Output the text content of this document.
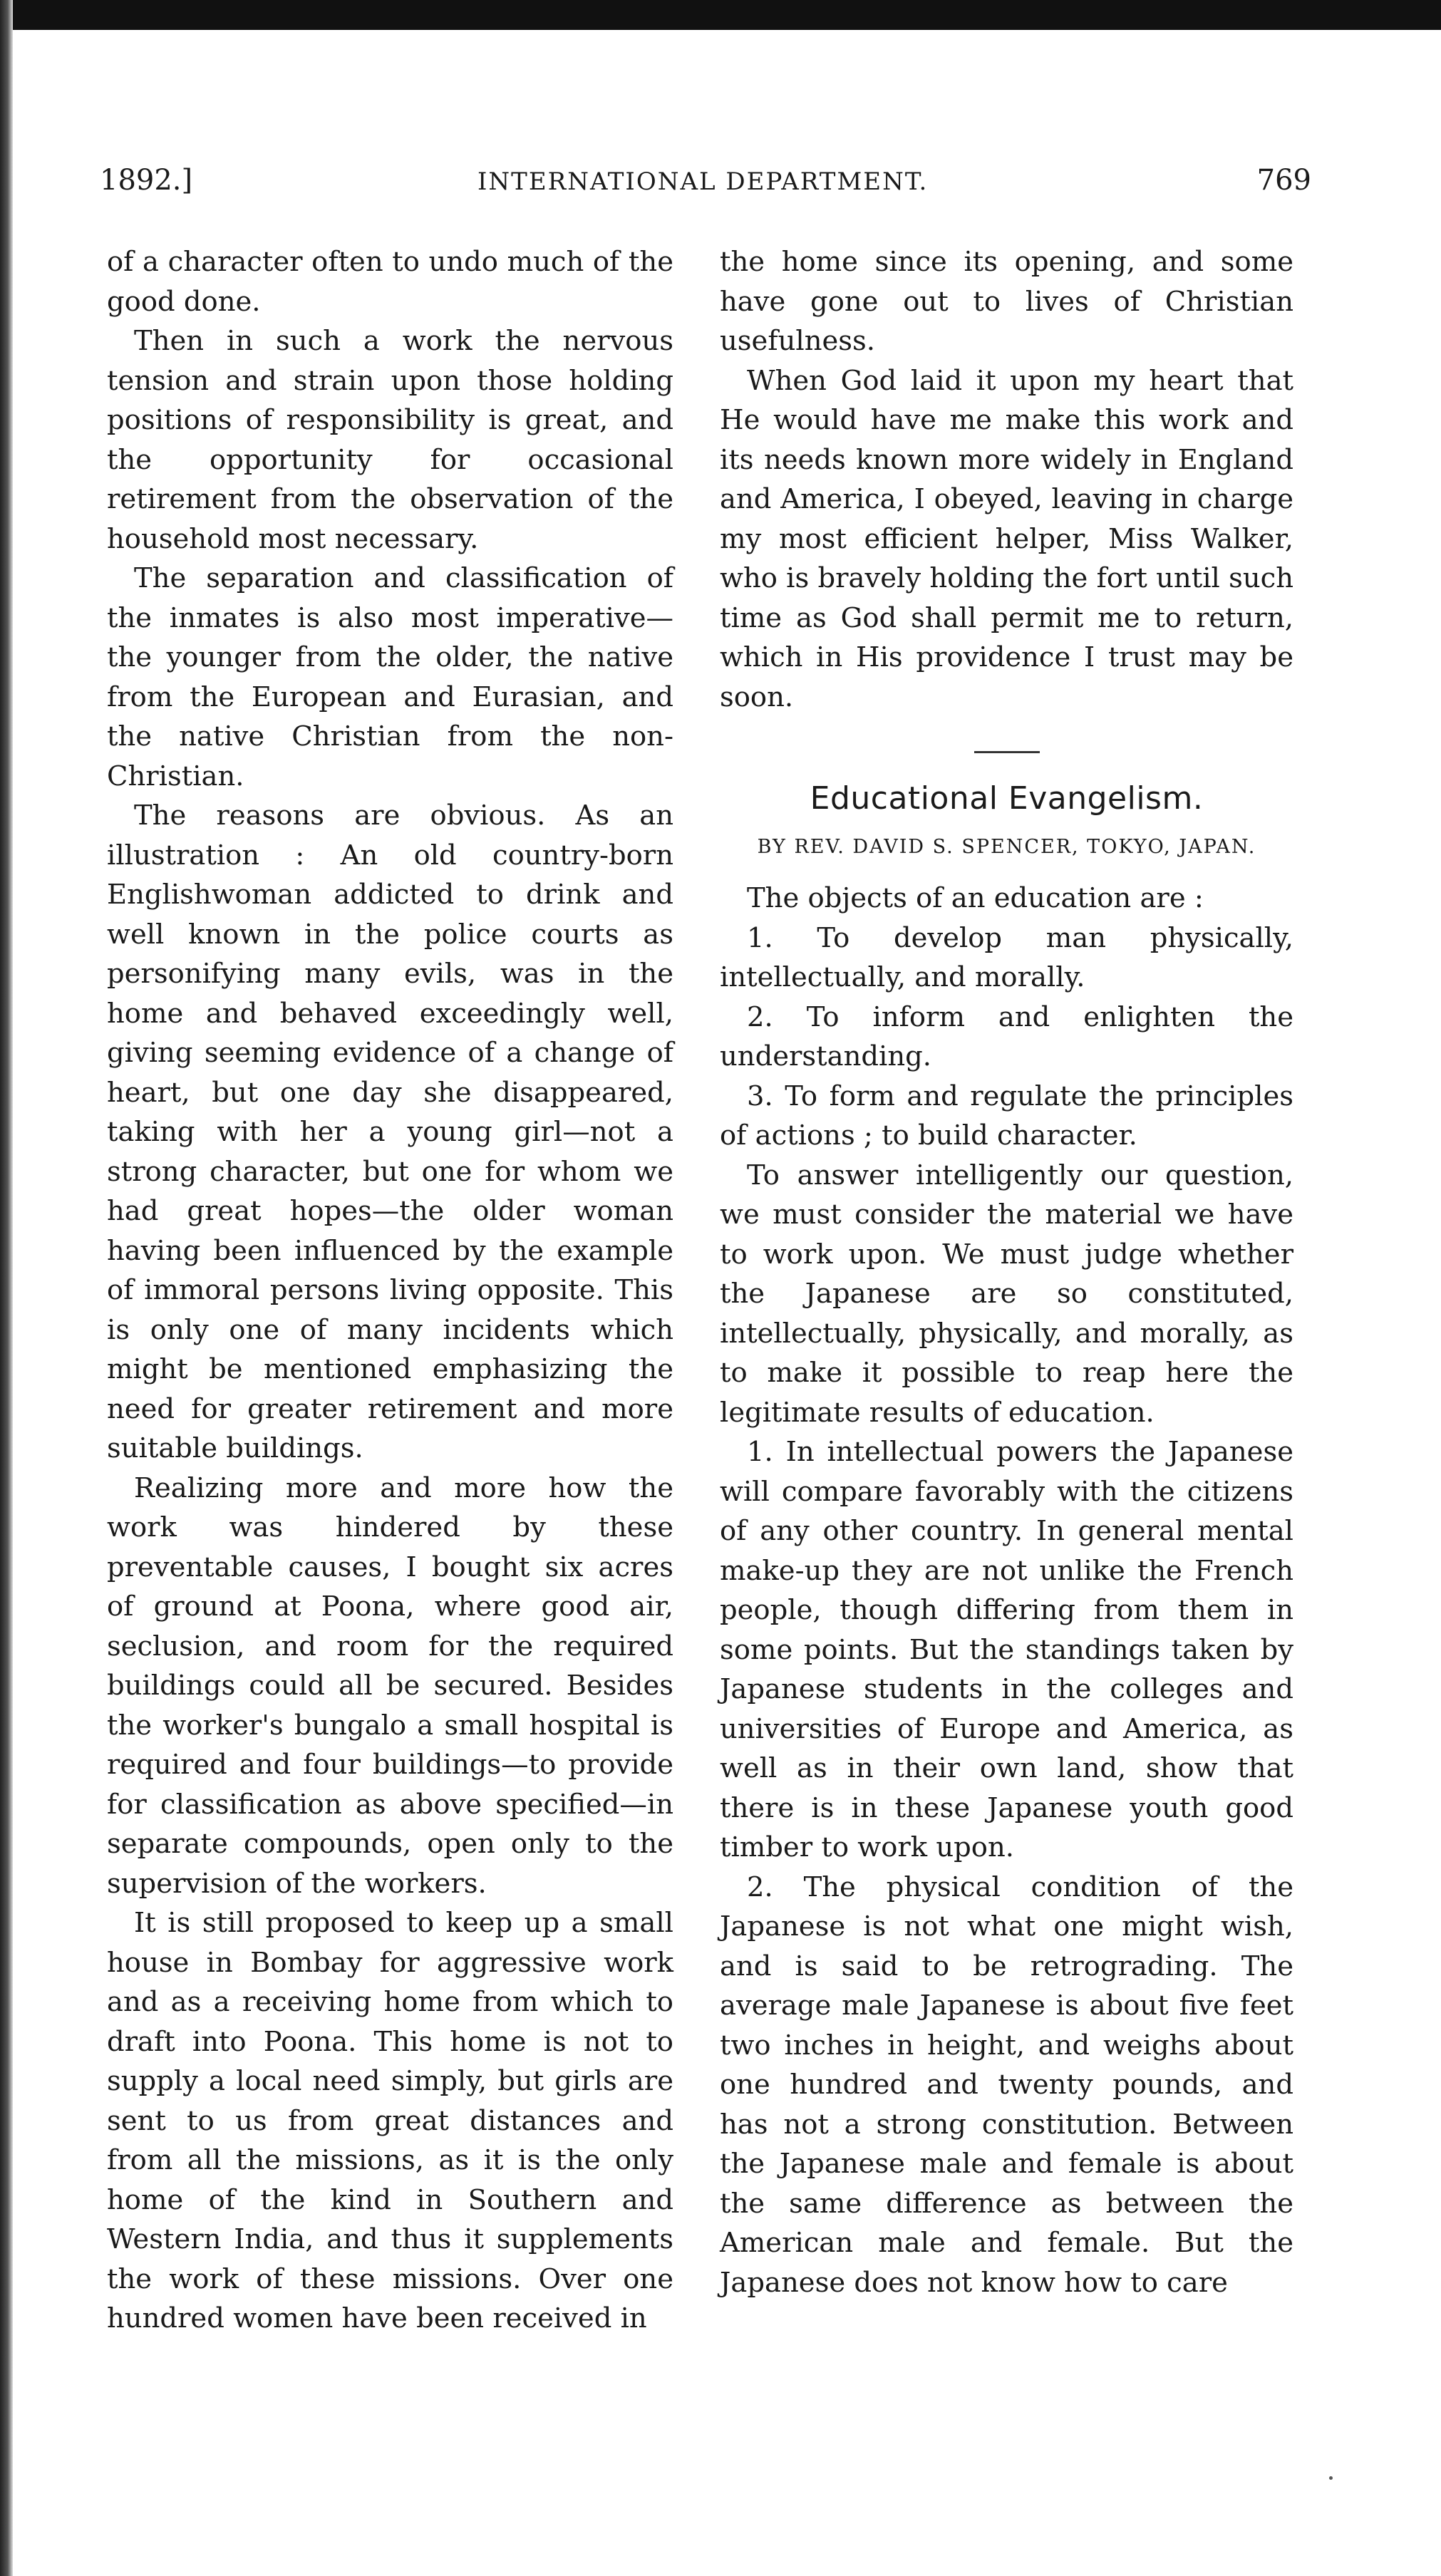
1892.]	INTERNATIONAL DEPARTMENT.	769

of a character often to undo much of the good done.

Then in such a work the nervous tension and strain upon those holding positions of responsibility is great, and the opportunity for occasional retirement from the observation of the household most necessary.

The separation and classification of the inmates is also most imperative—the younger from the older, the native from the European and Eurasian, and the native Christian from the non-Christian.

The reasons are obvious. As an illustration : An old country-born Englishwoman addicted to drink and well known in the police courts as personifying many evils, was in the home and behaved exceedingly well, giving seeming evidence of a change of heart, but one day she disappeared, taking with her a young girl—not a strong character, but one for whom we had great hopes—the older woman having been influenced by the example of immoral persons living opposite. This is only one of many incidents which might be mentioned emphasizing the need for greater retirement and more suitable buildings.

Realizing more and more how the work was hindered by these preventable causes, I bought six acres of ground at Poona, where good air, seclusion, and room for the required buildings could all be secured. Besides the worker's bungalo a small hospital is required and four buildings—to provide for classification as above specified—in separate compounds, open only to the supervision of the workers.

It is still proposed to keep up a small house in Bombay for aggressive work and as a receiving home from which to draft into Poona. This home is not to supply a local need simply, but girls are sent to us from great distances and from all the missions, as it is the only home of the kind in Southern and Western India, and thus it supplements the work of these missions. Over one hundred women have been received in

the home since its opening, and some have gone out to lives of Christian usefulness.

When God laid it upon my heart that He would have me make this work and its needs known more widely in England and America, I obeyed, leaving in charge my most efficient helper, Miss Walker, who is bravely holding the fort until such time as God shall permit me to return, which in His providence I trust may be soon.

Educational Evangelism.
BY REV. DAVID S. SPENCER, TOKYO, JAPAN.

The objects of an education are :

1. To develop man physically, intellectually, and morally.

2. To inform and enlighten the understanding.

3. To form and regulate the principles of actions ; to build character.

To answer intelligently our question, we must consider the material we have to work upon. We must judge whether the Japanese are so constituted, intellectually, physically, and morally, as to make it possible to reap here the legitimate results of education.

1. In intellectual powers the Japanese will compare favorably with the citizens of any other country. In general mental make-up they are not unlike the French people, though differing from them in some points. But the standings taken by Japanese students in the colleges and universities of Europe and America, as well as in their own land, show that there is in these Japanese youth good timber to work upon.

2. The physical condition of the Japanese is not what one might wish, and is said to be retrograding. The average male Japanese is about five feet two inches in height, and weighs about one hundred and twenty pounds, and has not a strong constitution. Between the Japanese male and female is about the same difference as between the American male and female. But the Japanese does not know how to care
